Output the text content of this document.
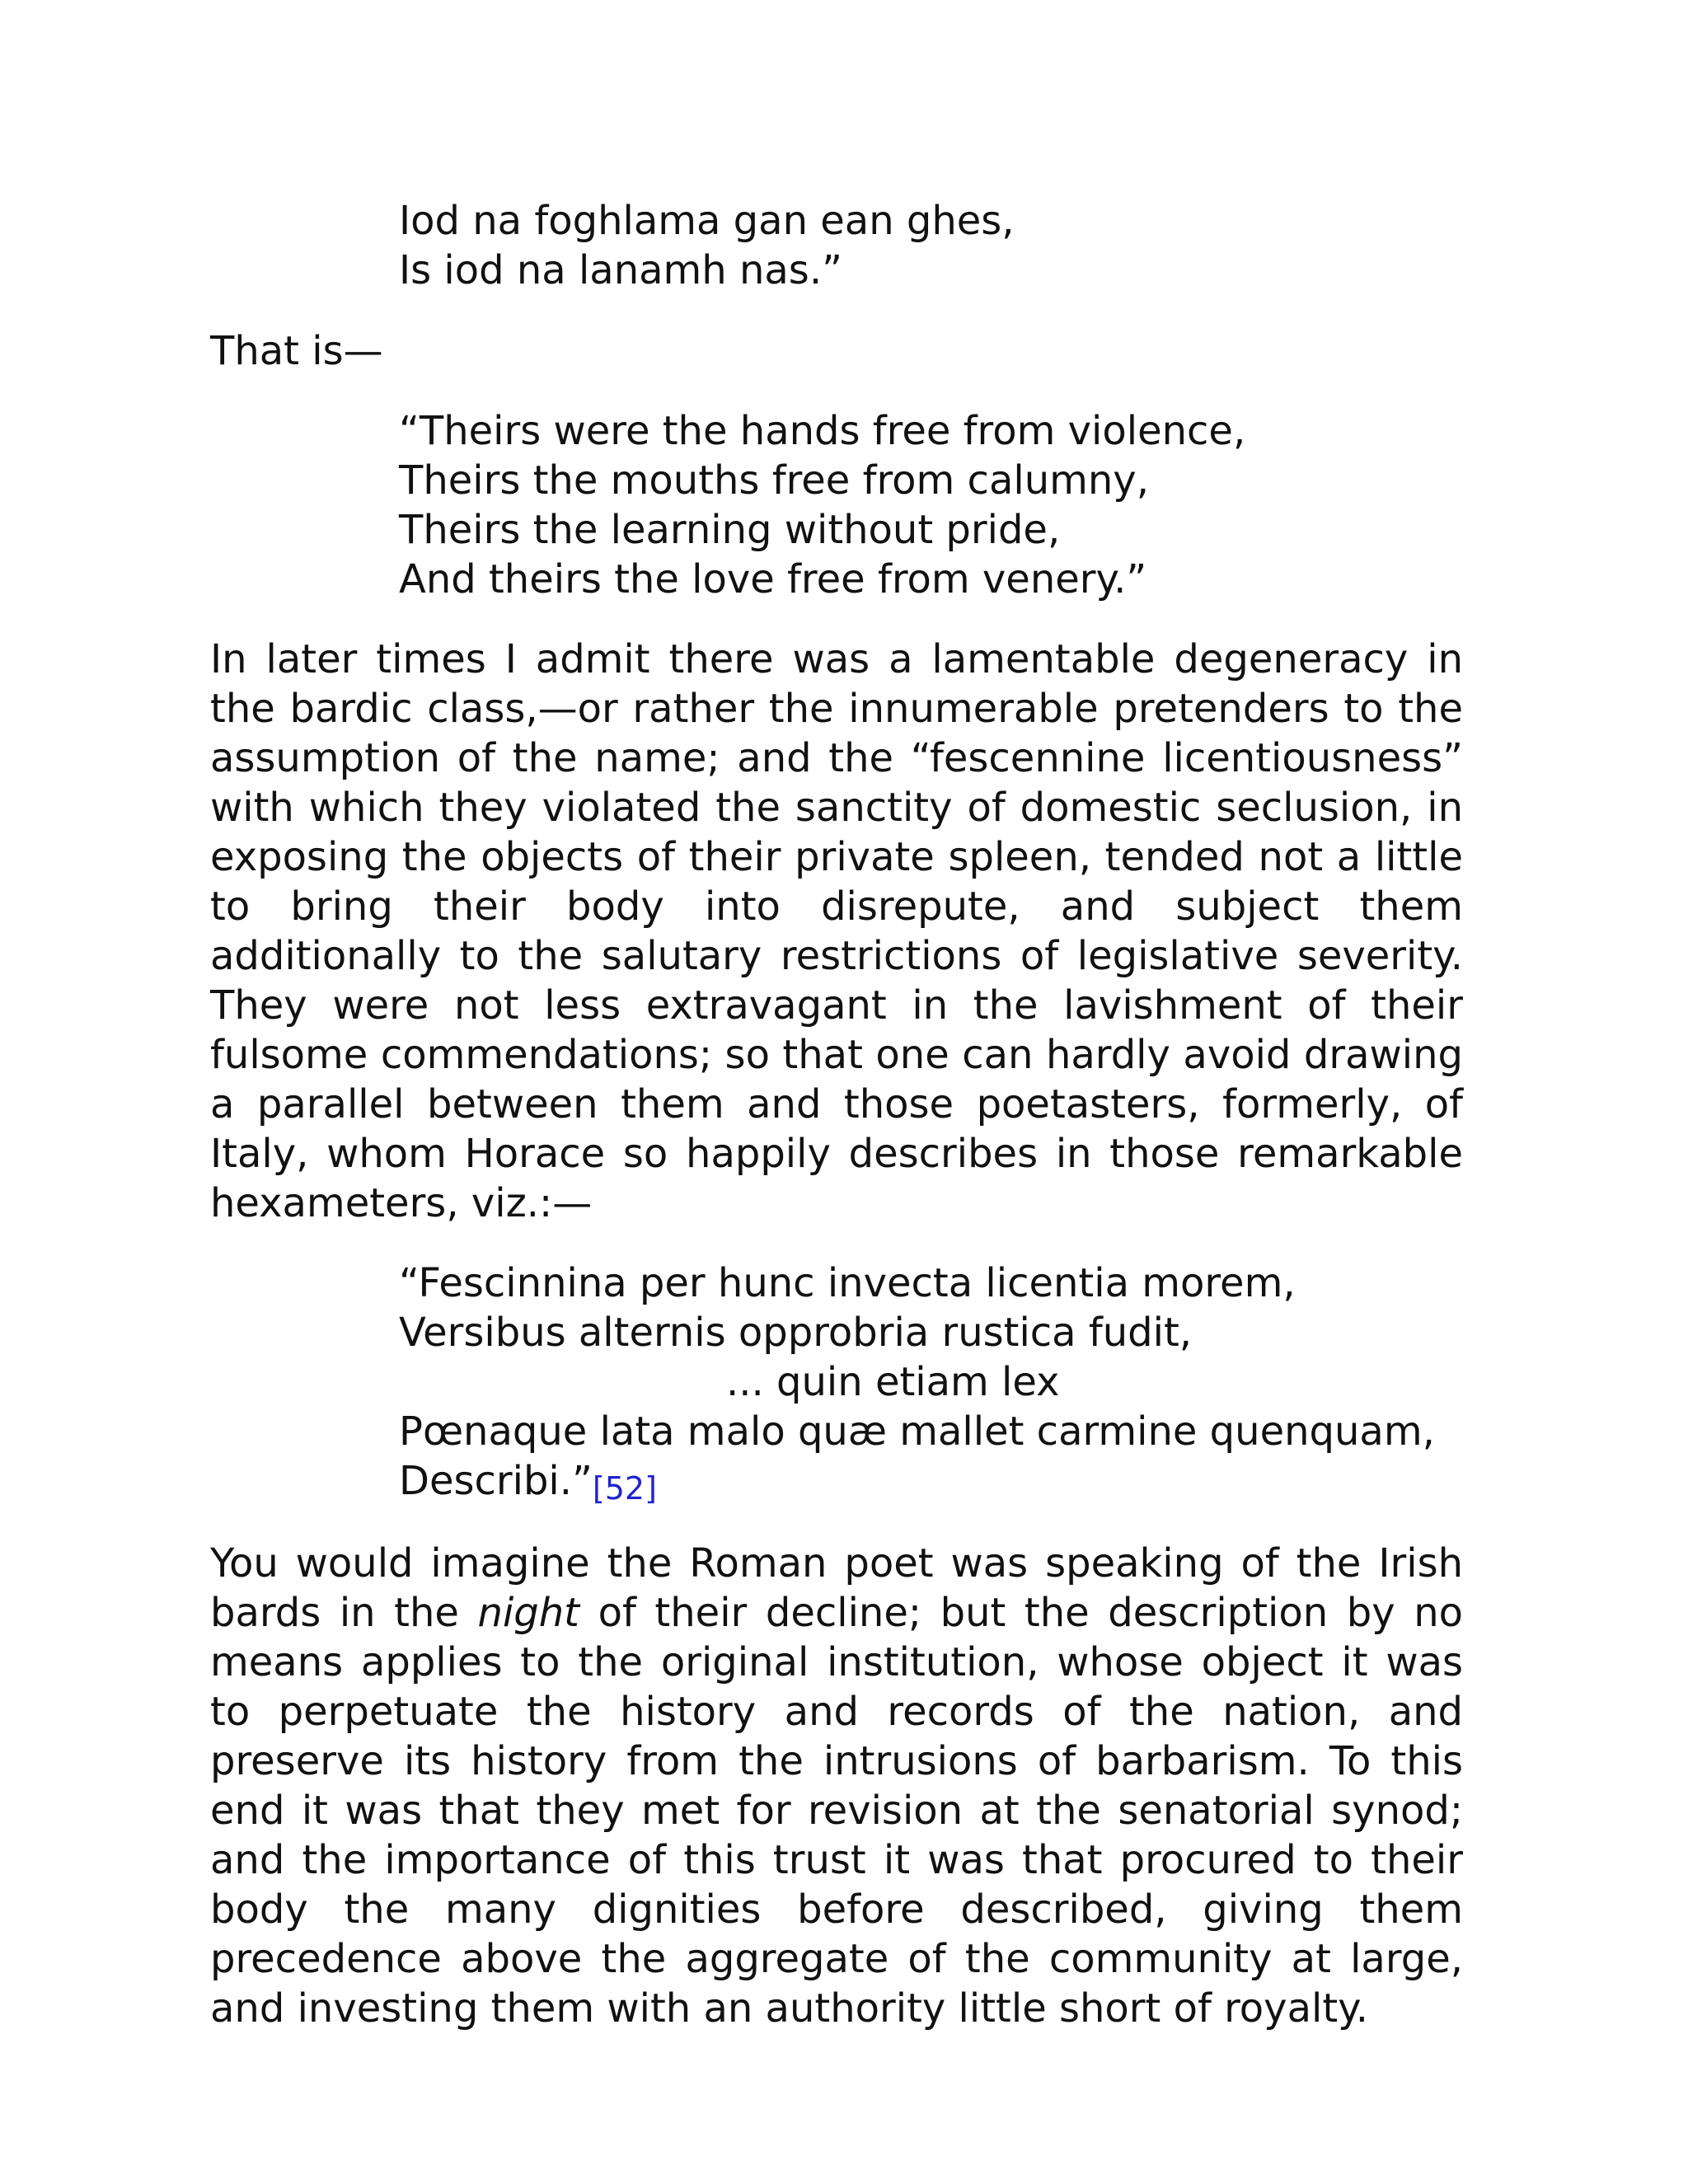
Iod na foghlama gan ean ghes,
Is iod na lanamh nas.”

That is—

“Theirs were the hands free from violence,
Theirs the mouths free from calumny,
Theirs the learning without pride,
And theirs the love free from venery.”

In later times I admit there was a lamentable degeneracy in the bardic class,—or rather the innumerable pretenders to the assumption of the name; and the “fescennine licentiousness” with which they violated the sanctity of domestic seclusion, in exposing the objects of their private spleen, tended not a little to bring their body into disrepute, and subject them additionally to the salutary restrictions of legislative severity. They were not less extravagant in the lavishment of their fulsome commendations; so that one can hardly avoid drawing a parallel between them and those poetasters, formerly, of Italy, whom Horace so happily describes in those remarkable hexameters, viz.:—

“Fescinnina per hunc invecta licentia morem,
Versibus alternis opprobria rustica fudit,
... quin etiam lex
Pœnaque lata malo quæ mallet carmine quenquam,
Describi.”[52]

You would imagine the Roman poet was speaking of the Irish bards in the night of their decline; but the description by no means applies to the original institution, whose object it was to perpetuate the history and records of the nation, and preserve its history from the intrusions of barbarism. To this end it was that they met for revision at the senatorial synod; and the importance of this trust it was that procured to their body the many dignities before described, giving them precedence above the aggregate of the community at large, and investing them with an authority little short of royalty.
